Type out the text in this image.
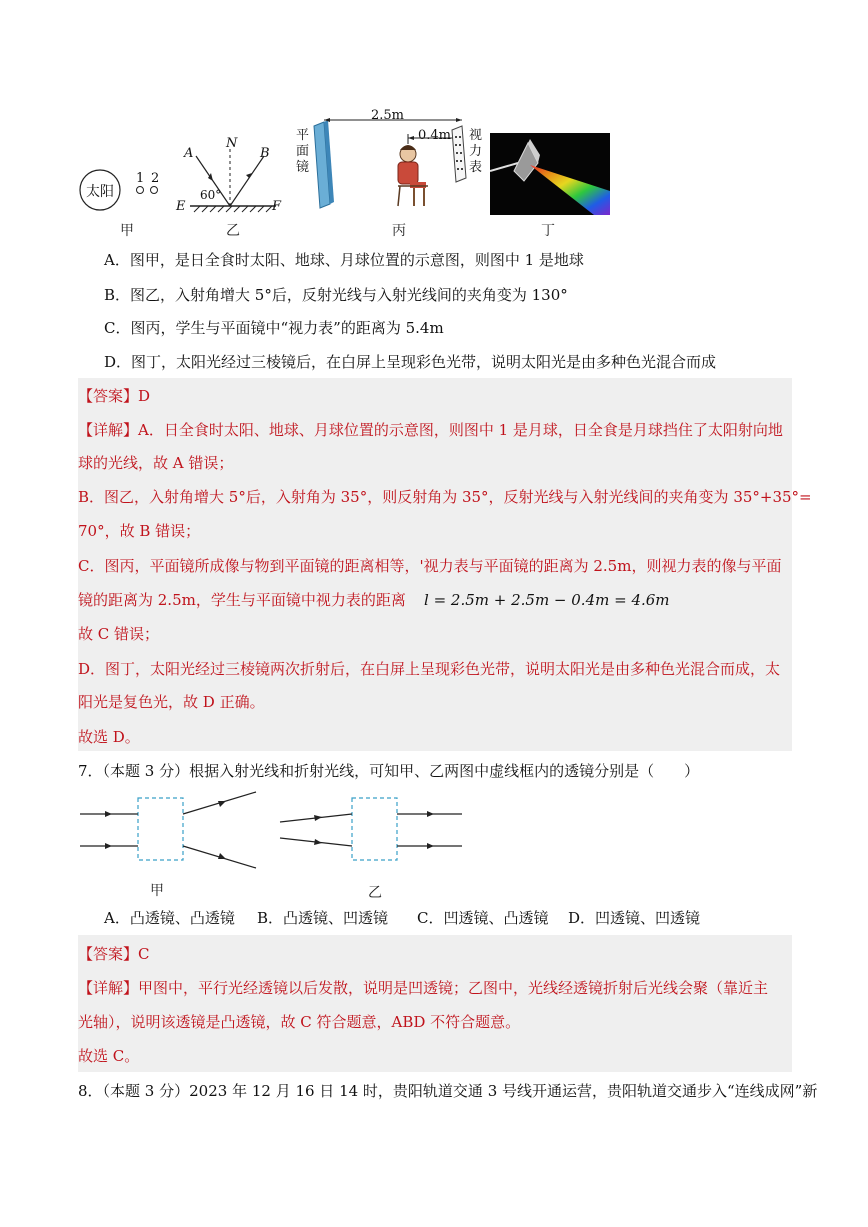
太阳
1 2
甲
A
N
B
E	F
60°
乙
平面镜
2.5m
0.4m 视力表
丙	丁
A．图甲，是日全食时太阳、地球、月球位置的示意图，则图中 1 是地球
B．图乙，入射角增大 5°后，反射光线与入射光线间的夹角变为 130°
C．图丙，学生与平面镜中“视力表”的距离为 5.4m
D．图丁，太阳光经过三棱镜后，在白屏上呈现彩色光带，说明太阳光是由多种色光混合而成
【答案】D
【详解】A．日全食时太阳、地球、月球位置的示意图，则图中 1 是月球，日全食是月球挡住了太阳射向地
球的光线，故 A 错误；
B．图乙，入射角增大 5°后，入射角为 35°，则反射角为 35°，反射光线与入射光线间的夹角变为 35°+35°=
70°，故 B 错误；
C．图丙，平面镜所成像与物到平面镜的距离相等，'视力表与平面镜的距离为 2.5m，则视力表的像与平面
镜的距离为 2.5m，学生与平面镜中视力表的距离 l = 2.5m + 2.5m − 0.4m = 4.6m
故 C 错误；
D．图丁，太阳光经过三棱镜两次折射后，在白屏上呈现彩色光带，说明太阳光是由多种色光混合而成，太
阳光是复色光，故 D 正确。
故选 D。
7．（本题 3 分）根据入射光线和折射光线，可知甲、乙两图中虚线框内的透镜分别是（　　）
甲	乙
A．凸透镜、凸透镜 B．凸透镜、凹透镜 C．凹透镜、凸透镜 D．凹透镜、凹透镜
【答案】C
【详解】甲图中，平行光经透镜以后发散，说明是凹透镜；乙图中，光线经透镜折射后光线会聚（靠近主
光轴），说明该透镜是凸透镜，故 C 符合题意，ABD 不符合题意。
故选 C。
8．（本题 3 分）2023 年 12 月 16 日 14 时，贵阳轨道交通 3 号线开通运营，贵阳轨道交通步入“连线成网”新
